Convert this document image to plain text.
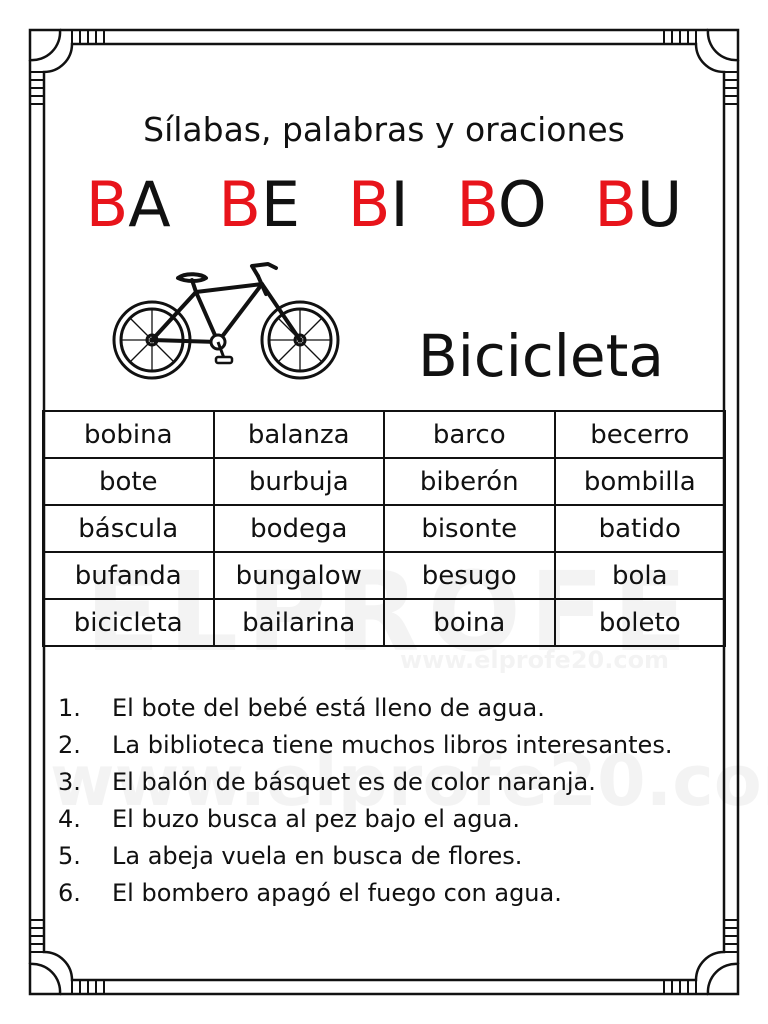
Sílabas, palabras y oraciones
BA BE BI BO BU
Bicicleta
bobina	balanza	barco	becerro
bote	burbuja	biberón	bombilla
báscula	bodega	bisonte	batido
bufanda	bungalow	besugo	bola
bicicleta	bailarina	boina	boleto
1. El bote del bebé está lleno de agua.
2. La biblioteca tiene muchos libros interesantes.
3. El balón de básquet es de color naranja.
4. El buzo busca al pez bajo el agua.
5. La abeja vuela en busca de flores.
6. El bombero apagó el fuego con agua.
